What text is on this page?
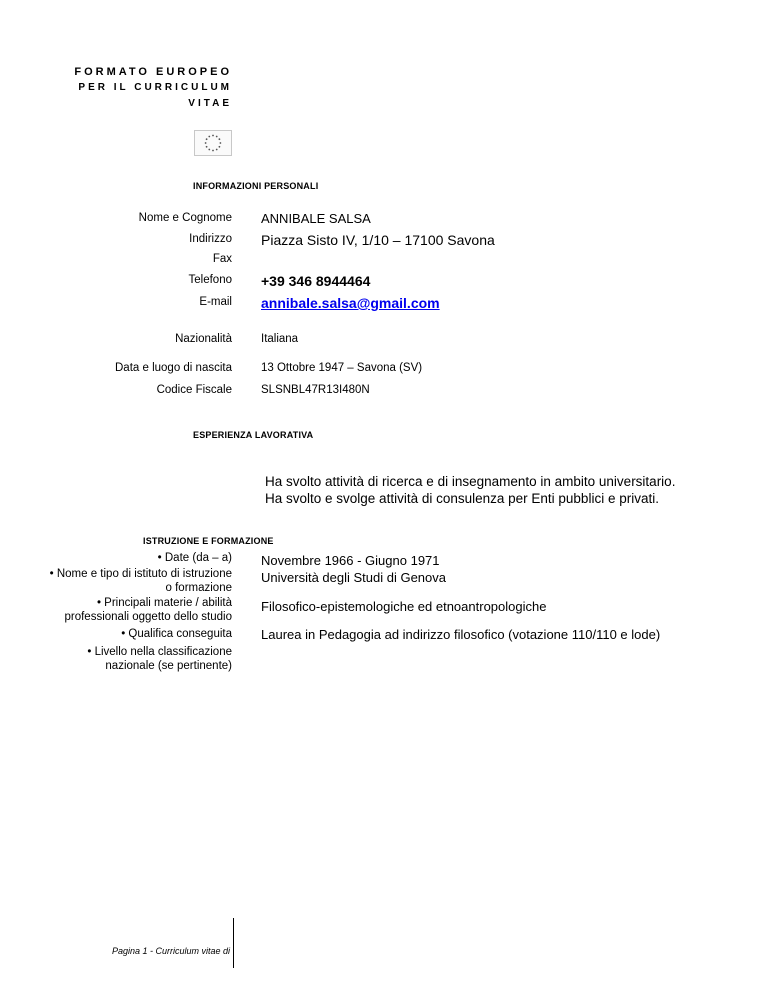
FORMATO EUROPEO
PER IL CURRICULUM
VITAE
INFORMAZIONI PERSONALI
Nome e Cognome ANNIBALE SALSA
Indirizzo Piazza Sisto IV, 1/10 – 17100 Savona
Fax
Telefono +39 346 8944464
E-mail annibale.salsa@gmail.com
Nazionalità	Italiana
Data e luogo di nascita	13 Ottobre 1947 – Savona (SV)
Codice Fiscale	SLSNBL47R13I480N
ESPERIENZA LAVORATIVA
Ha svolto attività di ricerca e di insegnamento in ambito universitario.
Ha svolto e svolge attività di consulenza per Enti pubblici e privati.
ISTRUZIONE E FORMAZIONE
• Date (da – a) Novembre 1966 - Giugno 1971
• Nome e tipo di istituto di istruzione
o formazione
Università degli Studi di Genova
• Principali materie / abilità
professionali oggetto dello studio
Filosofico-epistemologiche ed etnoantropologiche
• Qualifica conseguita Laurea in Pedagogia ad indirizzo filosofico (votazione 110/110 e lode)
• Livello nella classificazione
nazionale (se pertinente)
Pagina 1 - Curriculum vitae di
